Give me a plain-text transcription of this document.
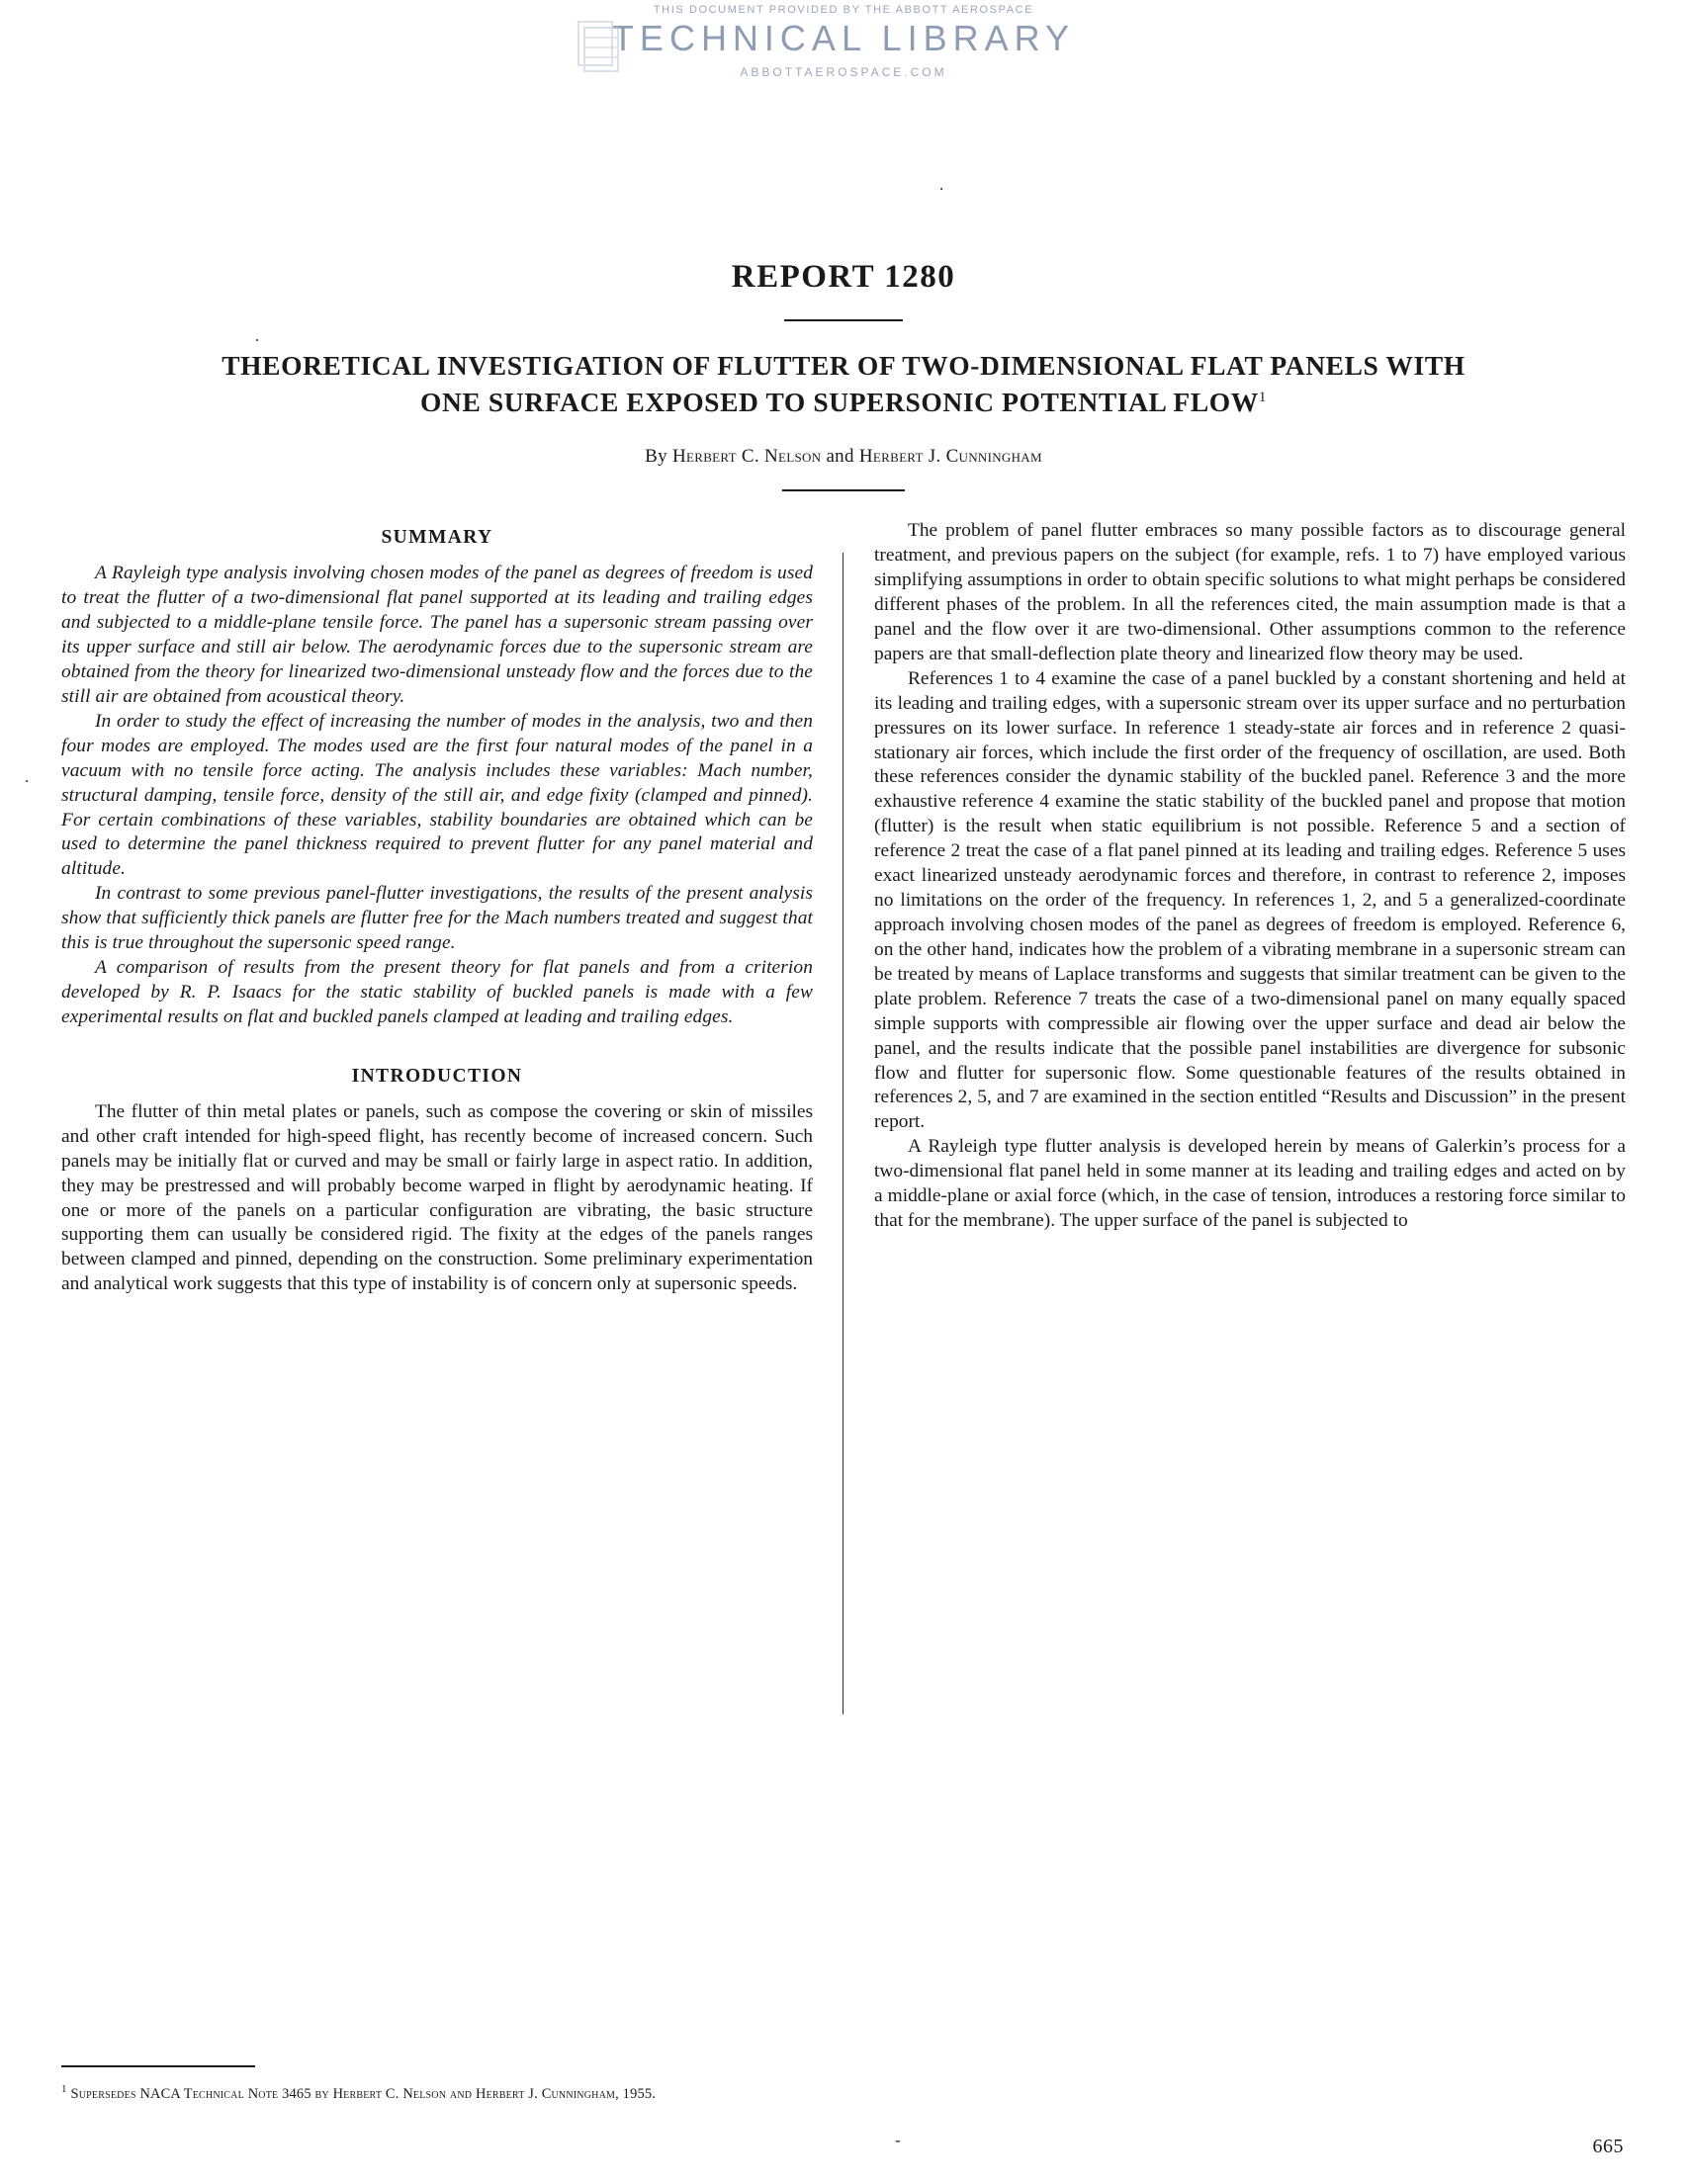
THIS DOCUMENT PROVIDED BY THE ABBOTT AEROSPACE
TECHNICAL LIBRARY
ABBOTTAEROSPACE.COM
.
.
.
-
REPORT 1280
THEORETICAL INVESTIGATION OF FLUTTER OF TWO-DIMENSIONAL FLAT PANELS WITH
ONE SURFACE EXPOSED TO SUPERSONIC POTENTIAL FLOW$^1$
By Herbert C. Nelson and Herbert J. Cunningham
SUMMARY

A Rayleigh type analysis involving chosen modes of the panel as degrees of freedom is used to treat the flutter of a two-dimensional flat panel supported at its leading and trailing edges and subjected to a middle-plane tensile force. The panel has a supersonic stream passing over its upper surface and still air below. The aerodynamic forces due to the supersonic stream are obtained from the theory for linearized two-dimensional unsteady flow and the forces due to the still air are obtained from acoustical theory.

In order to study the effect of increasing the number of modes in the analysis, two and then four modes are employed. The modes used are the first four natural modes of the panel in a vacuum with no tensile force acting. The analysis includes these variables: Mach number, structural damping, tensile force, density of the still air, and edge fixity (clamped and pinned). For certain combinations of these variables, stability boundaries are obtained which can be used to determine the panel thickness required to prevent flutter for any panel material and altitude.

In contrast to some previous panel-flutter investigations, the results of the present analysis show that sufficiently thick panels are flutter free for the Mach numbers treated and suggest that this is true throughout the supersonic speed range.

A comparison of results from the present theory for flat panels and from a criterion developed by R. P. Isaacs for the static stability of buckled panels is made with a few experimental results on flat and buckled panels clamped at leading and trailing edges.

INTRODUCTION

The flutter of thin metal plates or panels, such as compose the covering or skin of missiles and other craft intended for high-speed flight, has recently become of increased concern. Such panels may be initially flat or curved and may be small or fairly large in aspect ratio. In addition, they may be prestressed and will probably become warped in flight by aerodynamic heating. If one or more of the panels on a particular configuration are vibrating, the basic structure supporting them can usually be considered rigid. The fixity at the edges of the panels ranges between clamped and pinned, depending on the construction. Some preliminary experimentation and analytical work suggests that this type of instability is of concern only at supersonic speeds.

The problem of panel flutter embraces so many possible factors as to discourage general treatment, and previous papers on the subject (for example, refs. 1 to 7) have employed various simplifying assumptions in order to obtain specific solutions to what might perhaps be considered different phases of the problem. In all the references cited, the main assumption made is that a panel and the flow over it are two-dimensional. Other assumptions common to the reference papers are that small-deflection plate theory and linearized flow theory may be used.

References 1 to 4 examine the case of a panel buckled by a constant shortening and held at its leading and trailing edges, with a supersonic stream over its upper surface and no perturbation pressures on its lower surface. In reference 1 steady-state air forces and in reference 2 quasi-stationary air forces, which include the first order of the frequency of oscillation, are used. Both these references consider the dynamic stability of the buckled panel. Reference 3 and the more exhaustive reference 4 examine the static stability of the buckled panel and propose that motion (flutter) is the result when static equilibrium is not possible. Reference 5 and a section of reference 2 treat the case of a flat panel pinned at its leading and trailing edges. Reference 5 uses exact linearized unsteady aerodynamic forces and therefore, in contrast to reference 2, imposes no limitations on the order of the frequency. In references 1, 2, and 5 a generalized-coordinate approach involving chosen modes of the panel as degrees of freedom is employed. Reference 6, on the other hand, indicates how the problem of a vibrating membrane in a supersonic stream can be treated by means of Laplace transforms and suggests that similar treatment can be given to the plate problem. Reference 7 treats the case of a two-dimensional panel on many equally spaced simple supports with compressible air flowing over the upper surface and dead air below the panel, and the results indicate that the possible panel instabilities are divergence for subsonic flow and flutter for supersonic flow. Some questionable features of the results obtained in references 2, 5, and 7 are examined in the section entitled “Results and Discussion” in the present report.

A Rayleigh type flutter analysis is developed herein by means of Galerkin’s process for a two-dimensional flat panel held in some manner at its leading and trailing edges and acted on by a middle-plane or axial force (which, in the case of tension, introduces a restoring force similar to that for the membrane). The upper surface of the panel is subjected to

$^1$ Supersedes NACA Technical Note 3465 by Herbert C. Nelson and Herbert J. Cunningham, 1955.
665
